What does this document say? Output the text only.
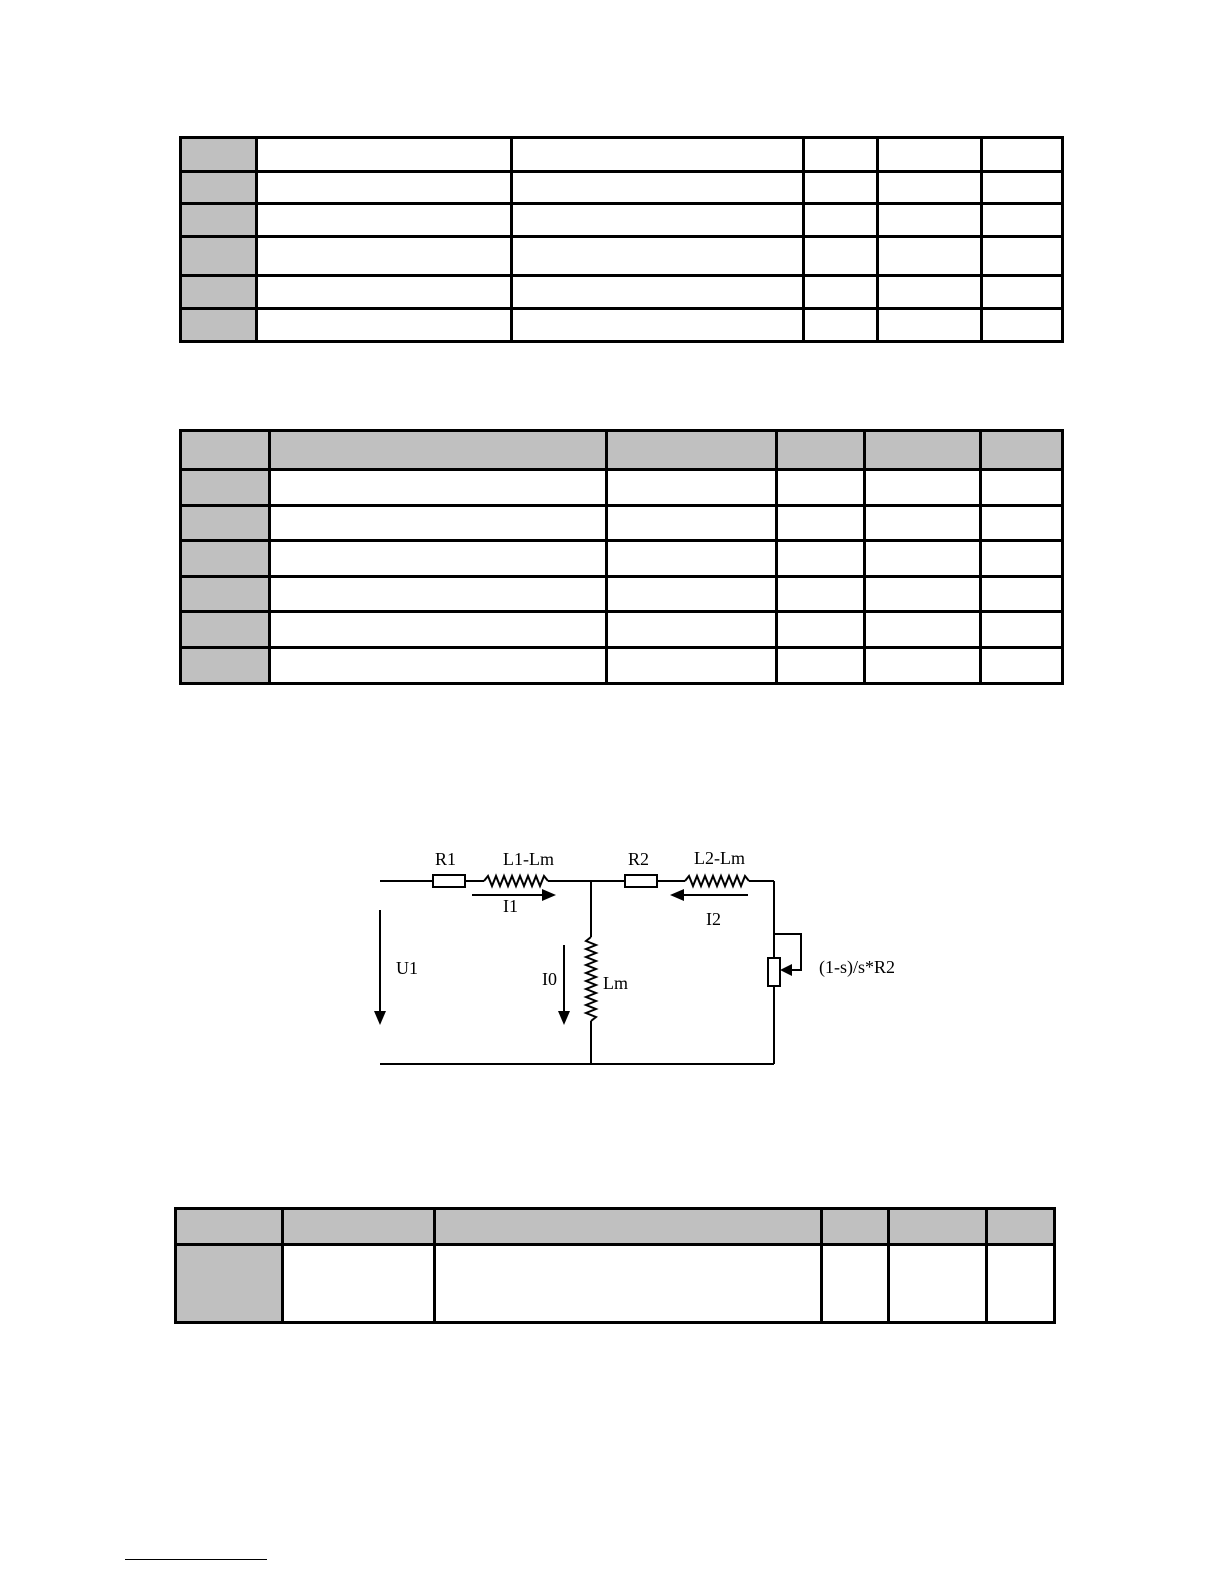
R1	L1-Lm	R2 L2-Lm
I1
I2
U1
I0	Lm
(1-s)/s*R2
